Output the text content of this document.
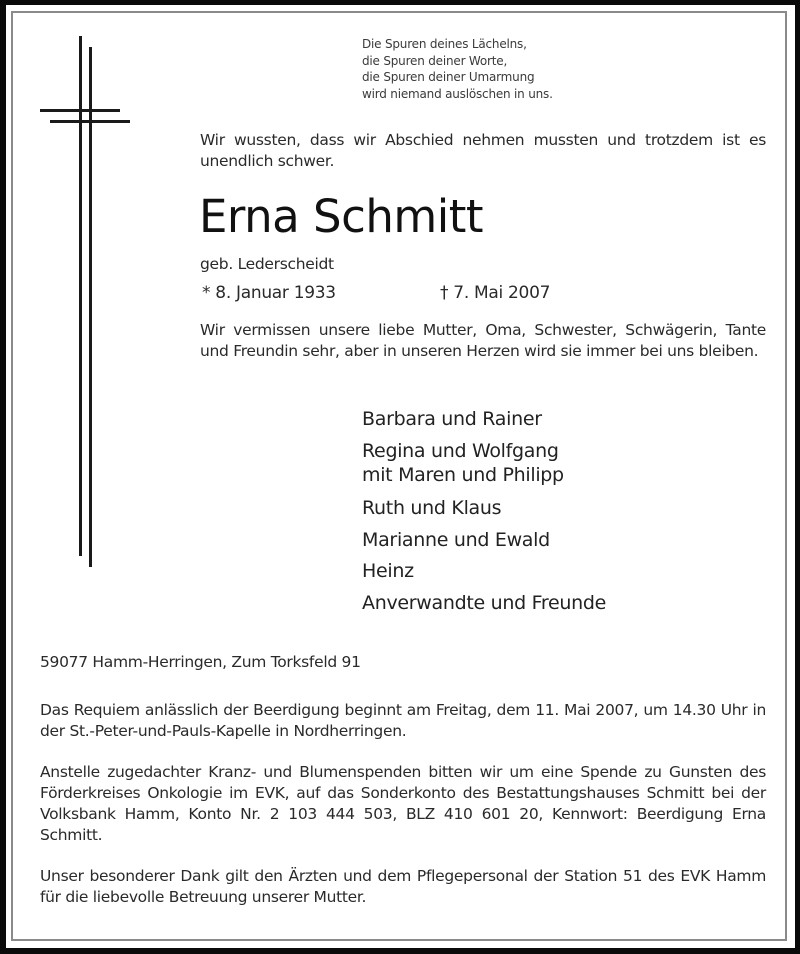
Die Spuren deines Lächelns,
die Spuren deiner Worte,
die Spuren deiner Umarmung
wird niemand auslöschen in uns.
Wir wussten, dass wir Abschied nehmen mussten und trotzdem ist es unendlich schwer.
Erna Schmitt
geb. Lederscheidt
* 8. Januar 1933	† 7. Mai 2007
Wir vermissen unsere liebe Mutter, Oma, Schwester, Schwägerin, Tante und Freundin sehr, aber in unseren Herzen wird sie immer bei uns bleiben.
Barbara und Rainer
Regina und Wolfgang
mit Maren und Philipp
Ruth und Klaus
Marianne und Ewald
Heinz
Anverwandte und Freunde
59077 Hamm-Herringen, Zum Torksfeld 91
Das Requiem anlässlich der Beerdigung beginnt am Freitag, dem 11. Mai 2007, um 14.30 Uhr in der St.-Peter-und-Pauls-Kapelle in Nordherringen.
Anstelle zugedachter Kranz- und Blumenspenden bitten wir um eine Spende zu Gunsten des Förderkreises Onkologie im EVK, auf das Sonderkonto des Bestattungshauses Schmitt bei der Volksbank Hamm, Konto Nr. 2 103 444 503, BLZ 410 601 20, Kennwort: Beerdigung Erna Schmitt.
Unser besonderer Dank gilt den Ärzten und dem Pflegepersonal der Station 51 des EVK Hamm für die liebevolle Betreuung unserer Mutter.
